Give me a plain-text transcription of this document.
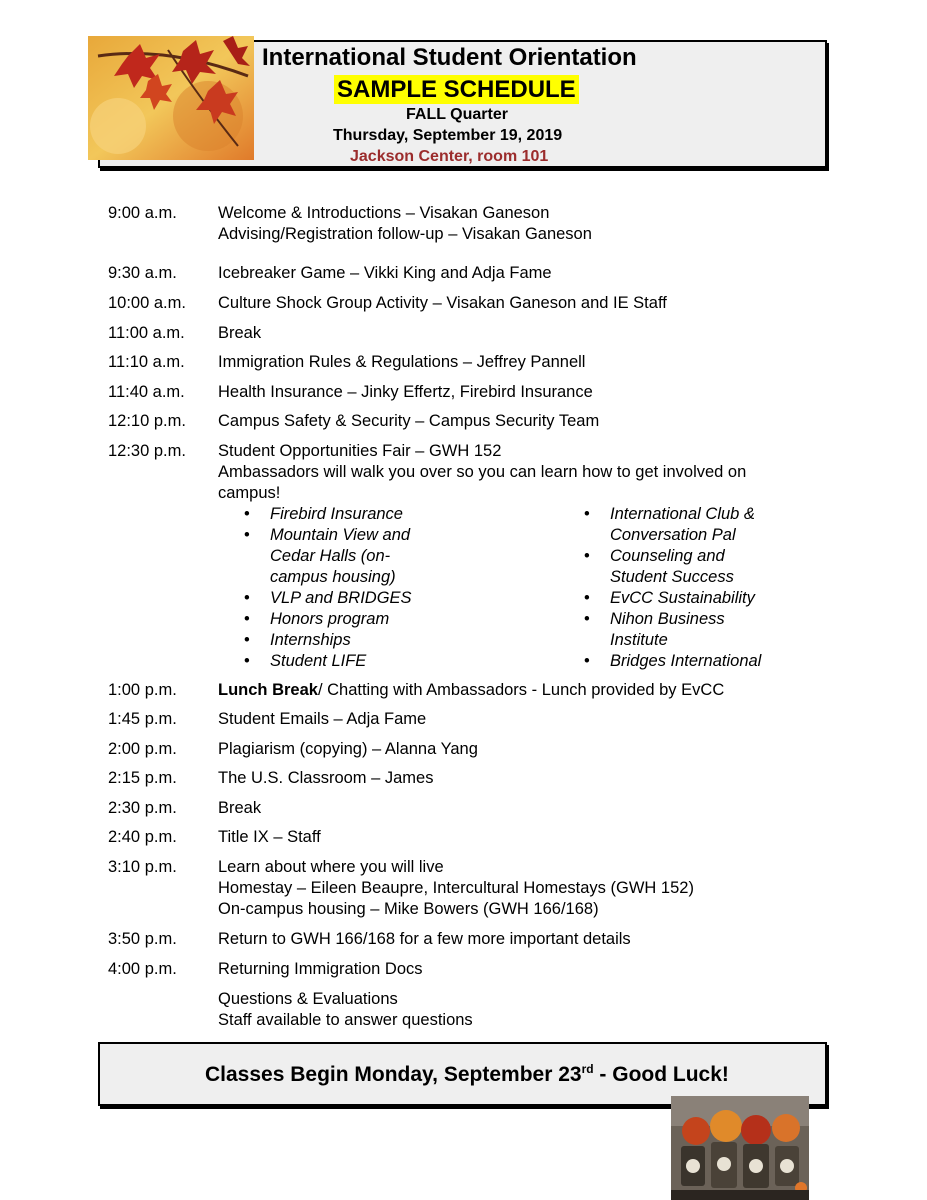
International Student Orientation
SAMPLE SCHEDULE
FALL Quarter
Thursday, September 19, 2019
Jackson Center, room 101
9:00 a.m.	Welcome & Introductions – Visakan Ganeson
Advising/Registration follow-up – Visakan Ganeson
9:30 a.m.	Icebreaker Game – Vikki King and Adja Fame
10:00 a.m.	Culture Shock Group Activity – Visakan Ganeson and IE Staff
11:00 a.m.	Break
11:10 a.m.	Immigration Rules & Regulations – Jeffrey Pannell
11:40 a.m.	Health Insurance – Jinky Effertz, Firebird Insurance
12:10 p.m.	Campus Safety & Security – Campus Security Team
12:30 p.m.	Student Opportunities Fair – GWH 152
Ambassadors will walk you over so you can learn how to get involved on
campus!
• Firebird Insurance
• Mountain View and Cedar Halls (on-campus housing)
• VLP and BRIDGES
• Honors program
• Internships
• Student LIFE
• International Club & Conversation Pal
• Counseling and Student Success
• EvCC Sustainability
• Nihon Business Institute
• Bridges International
1:00 p.m.	Lunch Break/ Chatting with Ambassadors - Lunch provided by EvCC
1:45 p.m.	Student Emails – Adja Fame
2:00 p.m.	Plagiarism (copying) – Alanna Yang
2:15 p.m.	The U.S. Classroom – James
2:30 p.m.	Break
2:40 p.m.	Title IX – Staff
3:10 p.m.	Learn about where you will live
Homestay – Eileen Beaupre, Intercultural Homestays (GWH 152)
On-campus housing – Mike Bowers (GWH 166/168)
3:50 p.m.	Return to GWH 166/168 for a few more important details
4:00 p.m.	Returning Immigration Docs
Questions & Evaluations
Staff available to answer questions
Classes Begin Monday, September 23rd - Good Luck!
